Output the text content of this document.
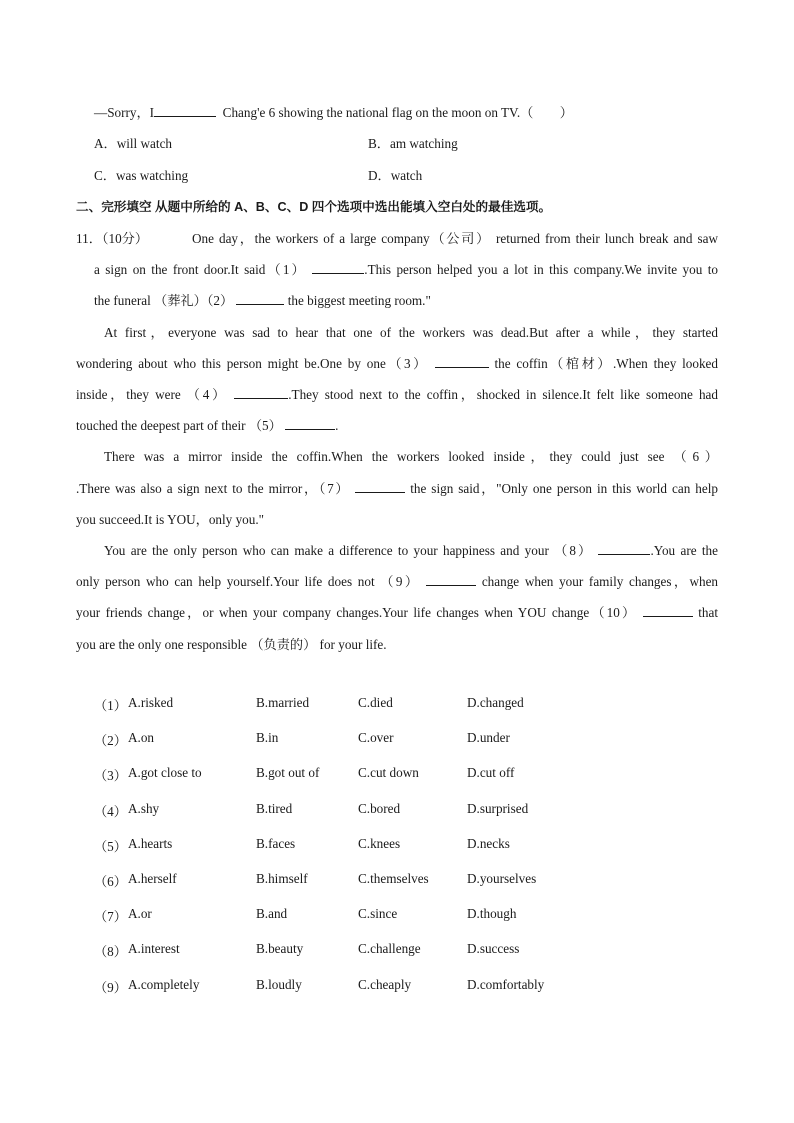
—Sorry，I	Chang'e 6 showing the national flag on the moon on TV.（　　）
A．will watch	B．am watching
C．was watching	D．watch
二、完形填空 从题中所给的 A、B、C、D 四个选项中选出能填入空白处的最佳选项。
11．（10分）	One day，the workers of a large company（公司） returned from their lunch break and saw
a sign on the front door.It said（1）	.This person helped you a lot in this company.We invite you to
the funeral （葬礼）（2）	the biggest meeting room."
At first，everyone was sad to hear that one of the workers was dead.But after a while，they started
wondering about who this person might be.One by one（3）	the coffin（棺材）.When they looked
inside，they were （4）	.They stood next to the coffin，shocked in silence.It felt like someone had
touched the deepest part of their （5）	.
There was a mirror inside the coffin.When the workers looked inside，they could just see （6）
.There was also a sign next to the mirror，（7）	the sign said，"Only one person in this world can help
you succeed.It is YOU，only you."
You are the only person who can make a difference to your happiness and your （8）	.You are the
only person who can help yourself.Your life does not （9）	change when your family changes，when
your friends change，or when your company changes.Your life changes when YOU change（10）	that
you are the only one responsible （负责的） for your life.
（1） A.risked	B.married	C.died	D.changed
（2） A.on	B.in	C.over	D.under
（3） A.got close to	B.got out of	C.cut down	D.cut off
（4） A.shy	B.tired	C.bored	D.surprised
（5） A.hearts	B.faces	C.knees	D.necks
（6） A.herself	B.himself	C.themselves	D.yourselves
（7） A.or	B.and	C.since	D.though
（8） A.interest	B.beauty	C.challenge	D.success
（9） A.completely	B.loudly	C.cheaply	D.comfortably
